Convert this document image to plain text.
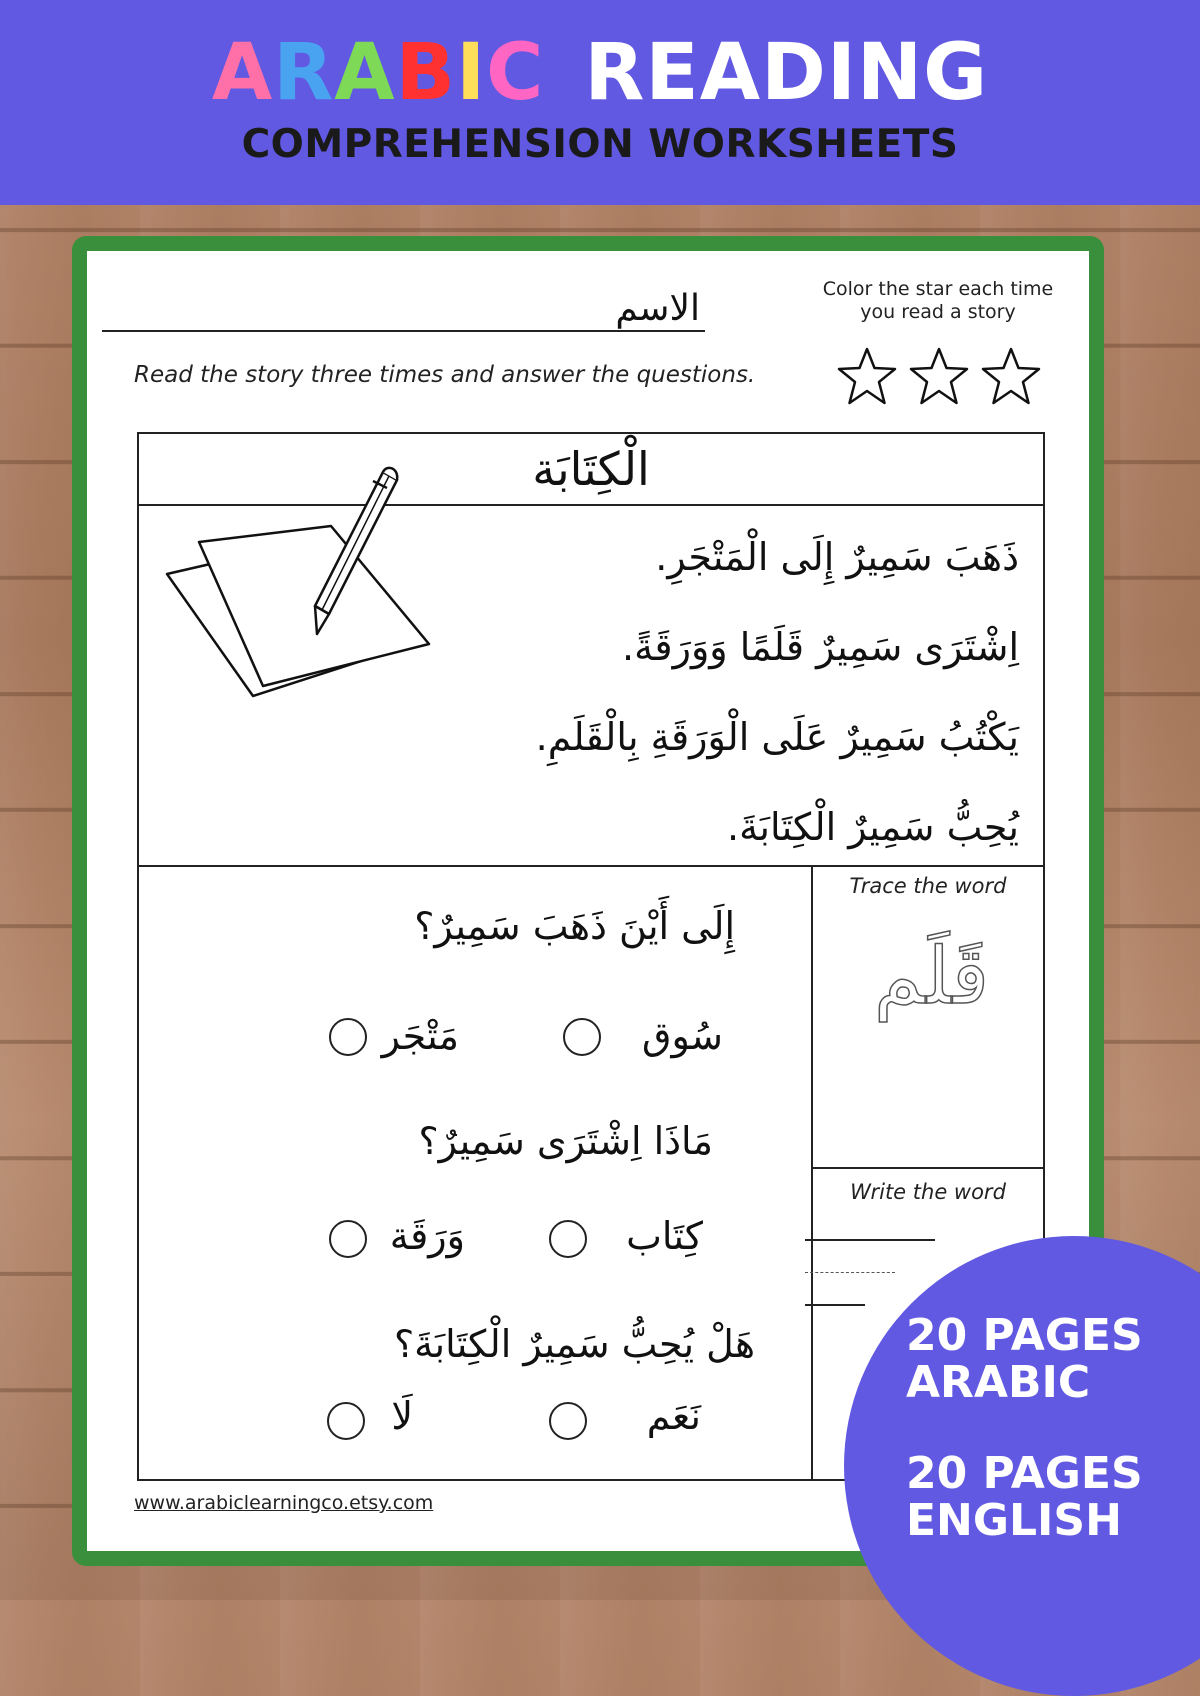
ARABIC READING
COMPREHENSION WORKSHEETS
الاسم
Read the story three times and answer the questions.
Color the star each time
you read a story
الْكِتَابَة
ذَهَبَ سَمِيرٌ إِلَى الْمَتْجَرِ.
اِشْتَرَى سَمِيرٌ قَلَمًا وَوَرَقَةً.
يَكْتُبُ سَمِيرٌ عَلَى الْوَرَقَةِ بِالْقَلَمِ.
يُحِبُّ سَمِيرٌ الْكِتَابَةَ.
إِلَى أَيْنَ ذَهَبَ سَمِيرٌ؟
سُوق
مَتْجَر
مَاذَا اِشْتَرَى سَمِيرٌ؟
كِتَاب
وَرَقَة
هَلْ يُحِبُّ سَمِيرٌ الْكِتَابَةَ؟
نَعَم
لَا
Trace the word
قَلَم
Write the word
www.arabiclearningco.etsy.com
20 PAGES
ARABIC
20 PAGES
ENGLISH
